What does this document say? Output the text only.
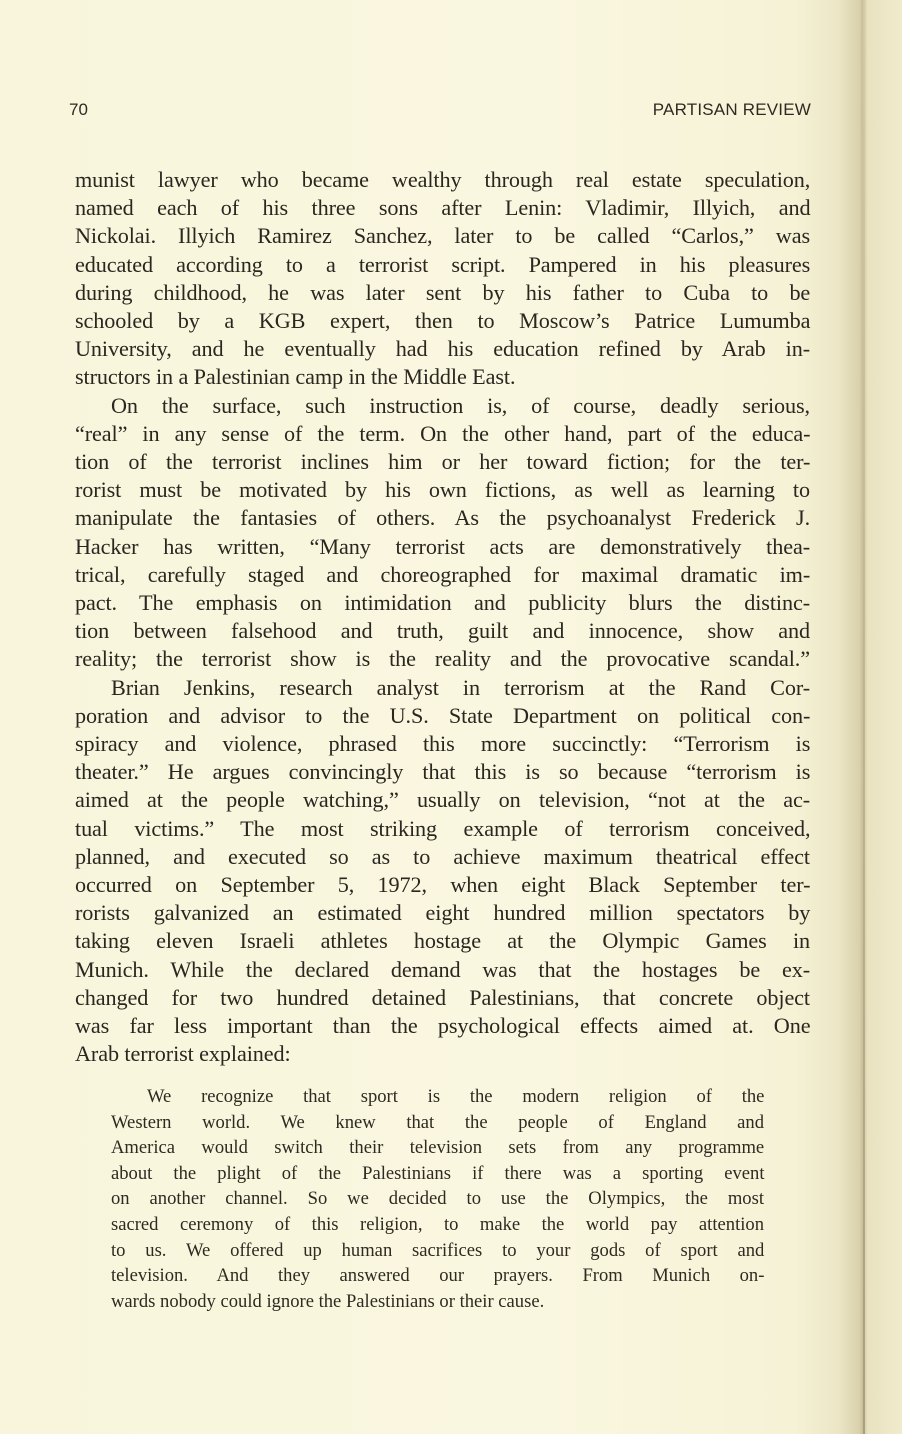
70	PARTISAN REVIEW

munist lawyer who became wealthy through real estate speculation,
named each of his three sons after Lenin: Vladimir, Illyich, and
Nickolai. Illyich Ramirez Sanchez, later to be called “Carlos,” was
educated according to a terrorist script. Pampered in his pleasures
during childhood, he was later sent by his father to Cuba to be
schooled by a KGB expert, then to Moscow’s Patrice Lumumba
University, and he eventually had his education refined by Arab in-
structors in a Palestinian camp in the Middle East.

On the surface, such instruction is, of course, deadly serious,
“real” in any sense of the term. On the other hand, part of the educa-
tion of the terrorist inclines him or her toward fiction; for the ter-
rorist must be motivated by his own fictions, as well as learning to
manipulate the fantasies of others. As the psychoanalyst Frederick J.
Hacker has written, “Many terrorist acts are demonstratively thea-
trical, carefully staged and choreographed for maximal dramatic im-
pact. The emphasis on intimidation and publicity blurs the distinc-
tion between falsehood and truth, guilt and innocence, show and
reality; the terrorist show is the reality and the provocative scandal.”

Brian Jenkins, research analyst in terrorism at the Rand Cor-
poration and advisor to the U.S. State Department on political con-
spiracy and violence, phrased this more succinctly: “Terrorism is
theater.” He argues convincingly that this is so because “terrorism is
aimed at the people watching,” usually on television, “not at the ac-
tual victims.” The most striking example of terrorism conceived,
planned, and executed so as to achieve maximum theatrical effect
occurred on September 5, 1972, when eight Black September ter-
rorists galvanized an estimated eight hundred million spectators by
taking eleven Israeli athletes hostage at the Olympic Games in
Munich. While the declared demand was that the hostages be ex-
changed for two hundred detained Palestinians, that concrete object
was far less important than the psychological effects aimed at. One
Arab terrorist explained:

We recognize that sport is the modern religion of the
Western world. We knew that the people of England and
America would switch their television sets from any programme
about the plight of the Palestinians if there was a sporting event
on another channel. So we decided to use the Olympics, the most
sacred ceremony of this religion, to make the world pay attention
to us. We offered up human sacrifices to your gods of sport and
television. And they answered our prayers. From Munich on-
wards nobody could ignore the Palestinians or their cause.
